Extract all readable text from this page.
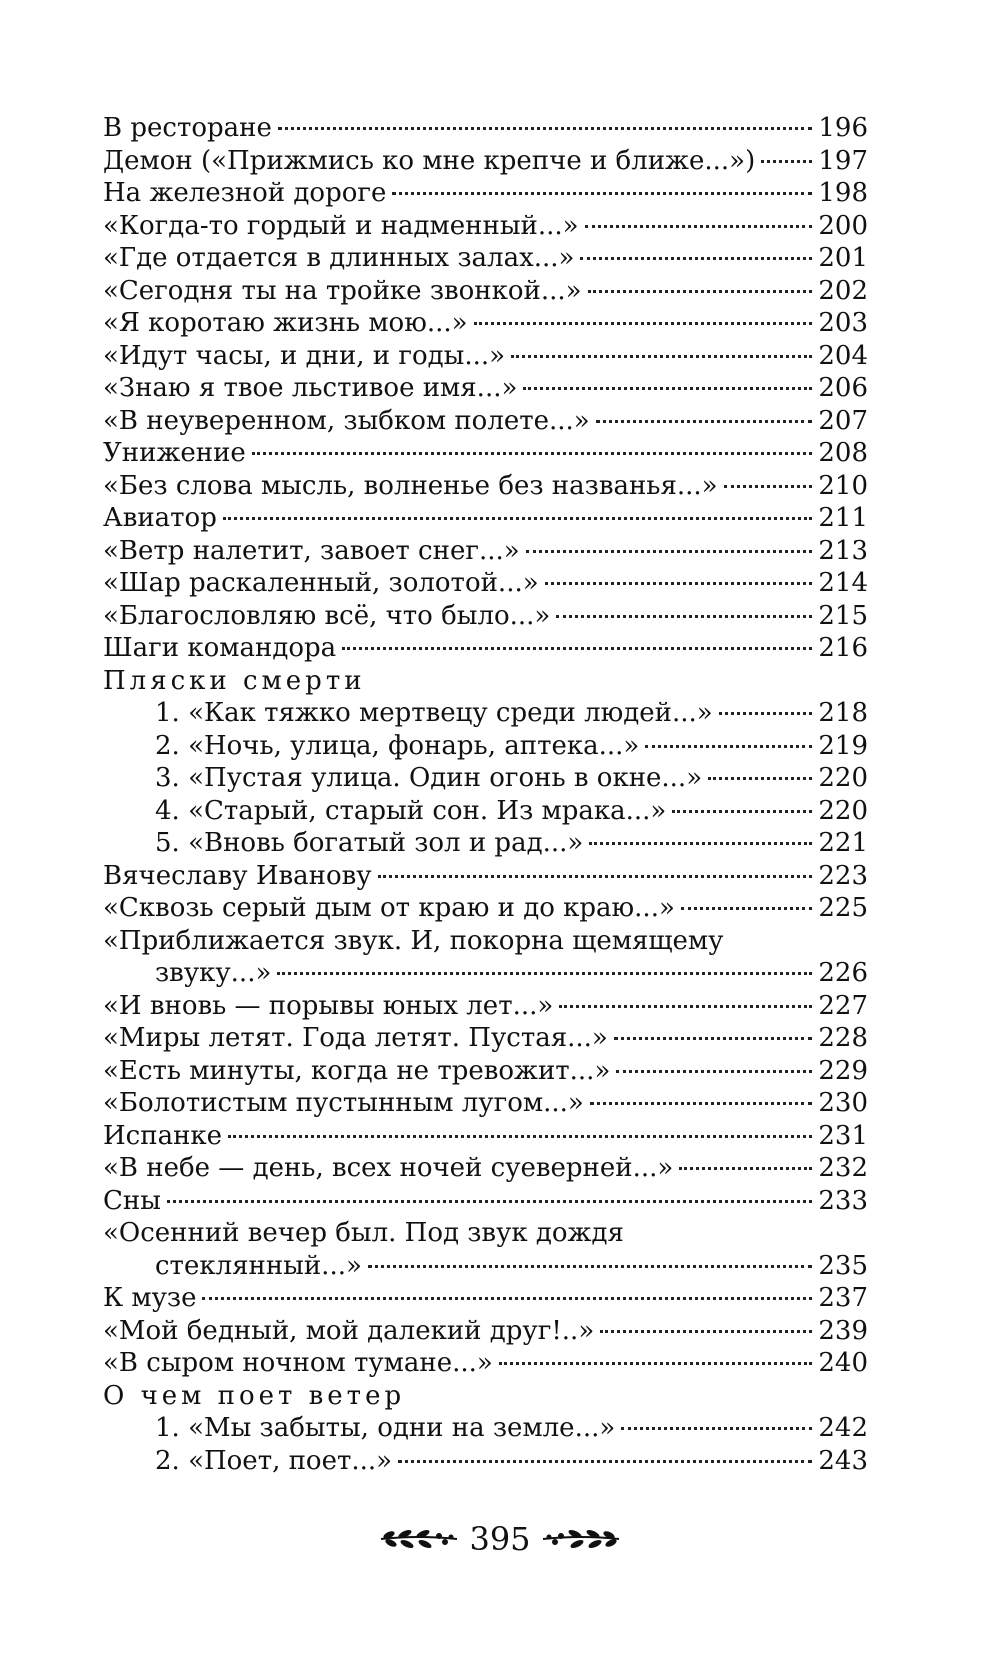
В ресторане	196
Демон («Прижмись ко мне крепче и ближе...») 197
На железной дороге	198
«Когда-то гордый и надменный...»	200
«Где отдается в длинных залах...»	201
«Сегодня ты на тройке звонкой...»	202
«Я коротаю жизнь мою...»	203
«Идут часы, и дни, и годы...»	204
«Знаю я твое льстивое имя...»	206
«В неуверенном, зыбком полете...»	207
Унижение	208
«Без слова мысль, волненье без названья...»	210
Авиатор	211
«Ветр налетит, завоет снег...»	213
«Шар раскаленный, золотой...»	214
«Благословляю всё, что было...»	215
Шаги командора	216
Пляски смерти
1. «Как тяжко мертвецу среди людей...»	218
2. «Ночь, улица, фонарь, аптека...»	219
3. «Пустая улица. Один огонь в окне...»	220
4. «Старый, старый сон. Из мрака...»	220
5. «Вновь богатый зол и рад...»	221
Вячеславу Иванову	223
«Сквозь серый дым от краю и до краю...»	225
«Приближается звук. И, покорна щемящему
звуку...»	226
«И вновь — порывы юных лет...»	227
«Миры летят. Года летят. Пустая...»	228
«Есть минуты, когда не тревожит...»	229
«Болотистым пустынным лугом...»	230
Испанке	231
«В небе — день, всех ночей суеверней...»	232
Сны	233
«Осенний вечер был. Под звук дождя
стеклянный...»	235
К музе	237
«Мой бедный, мой далекий друг!..»	239
«В сыром ночном тумане...»	240
О чем поет ветер
1. «Мы забыты, одни на земле...»	242
2. «Поет, поет...»	243
395
